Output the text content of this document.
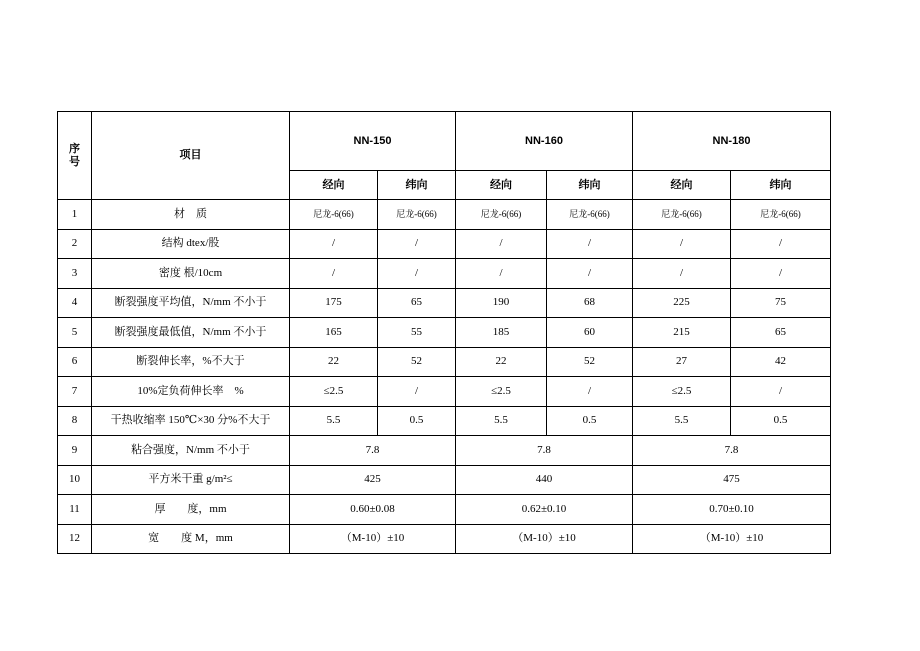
序
号	项目	NN-150		NN-160		NN-180	
		经向	纬向	经向	纬向	经向	纬向
1	材　质	尼龙-6(66)	尼龙-6(66)	尼龙-6(66)	尼龙-6(66)	尼龙-6(66)	尼龙-6(66)
2	结构 dtex/股	/	/	/	/	/	/
3	密度 根/10cm	/	/	/	/	/	/
4	断裂强度平均值，N/mm 不小于	175	65	190	68	225	75
5	断裂强度最低值，N/mm 不小于	165	55	185	60	215	65
6	断裂伸长率，%不大于	22	52	22	52	27	42
7	10%定负荷伸长率　%	≤2.5	/	≤2.5	/	≤2.5	/
8	干热收缩率 150℃×30 分%不大于	5.5	0.5	5.5	0.5	5.5	0.5
9	粘合强度，N/mm 不小于	7.8		7.8		7.8	
10	平方米干重 g/m²≤	425		440		475	
11	厚　　度，mm	0.60±0.08		0.62±0.10		0.70±0.10	
12	宽　　度 M，mm	（M-10）±10		（M-10）±10		（M-10）±10	
